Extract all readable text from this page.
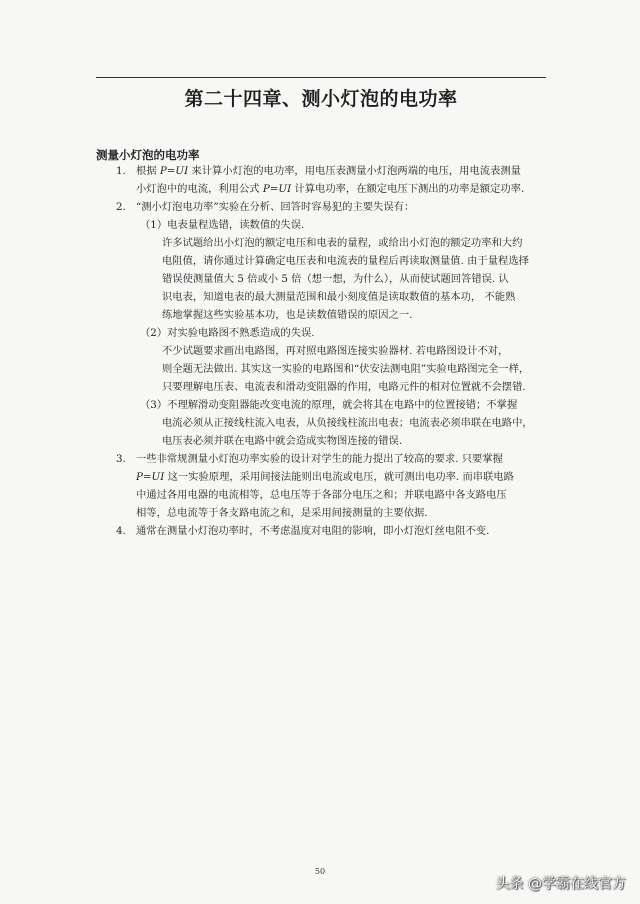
第二十四章、测小灯泡的电功率
测量小灯泡的电功率
1. 根据 P=UI 来计算小灯泡的电功率，用电压表测量小灯泡两端的电压，用电流表测量
小灯泡中的电流，利用公式 P=UI 计算电功率，在额定电压下测出的功率是额定功率.
2. “测小灯泡电功率”实验在分析、回答时容易犯的主要失误有：
（1）电表量程选错，读数值的失误.
许多试题给出小灯泡的额定电压和电表的量程，或给出小灯泡的额定功率和大约
电阻值，请你通过计算确定电压表和电流表的量程后再读取测量值. 由于量程选择
错误使测量值大 5 倍或小 5 倍（想一想，为什么），从而使试题回答错误. 认
识电表，知道电表的最大测量范围和最小刻度值是读取数值的基本功， 不能熟
练地掌握这些实验基本功，也是读数值错误的原因之一.
（2）对实验电路图不熟悉造成的失误.
不少试题要求画出电路图，再对照电路图连接实验器材. 若电路图设计不对，
则全题无法做出. 其实这一实验的电路图和“伏安法测电阻”实验电路图完全一样，
只要理解电压表、电流表和滑动变阻器的作用，电路元件的相对位置就不会摆错.
（3）不理解滑动变阻器能改变电流的原理，就会将其在电路中的位置接错；不掌握
电流必须从正接线柱流入电表，从负接线柱流出电表；电流表必须串联在电路中，
电压表必须并联在电路中就会造成实物图连接的错误.
3. 一些非常规测量小灯泡功率实验的设计对学生的能力提出了较高的要求. 只要掌握
P=UI 这一实验原理，采用间接法能则出电流或电压，就可测出电功率. 而串联电路
中通过各用电器的电流相等，总电压等于各部分电压之和；并联电路中各支路电压
相等，总电流等于各支路电流之和，是采用间接测量的主要依据.
4. 通常在测量小灯泡功率时，不考虑温度对电阻的影响，即小灯泡灯丝电阻不变.
50
头条 @学霸在线官方
